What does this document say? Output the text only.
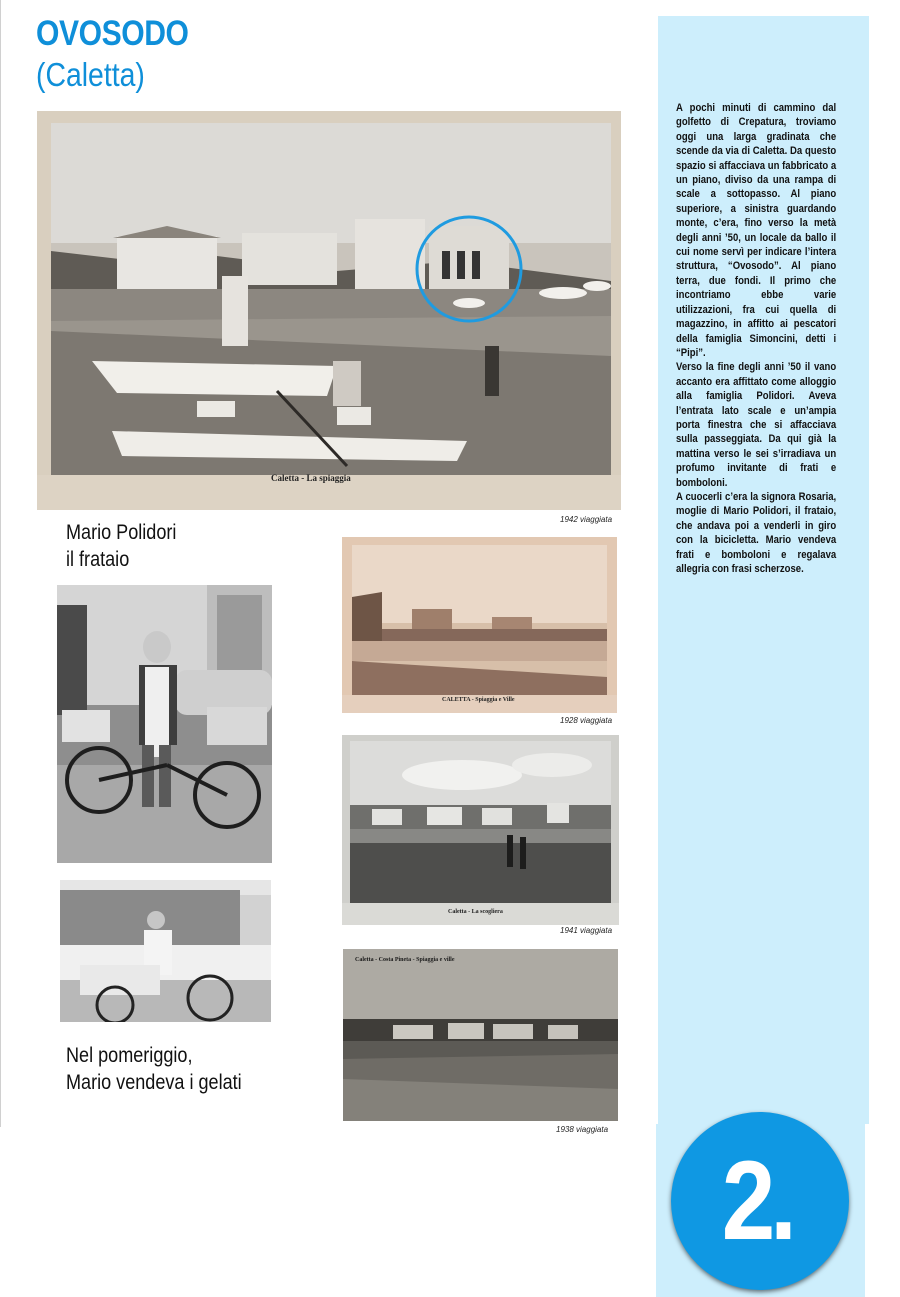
OVOSODO
(Caletta)

A pochi minuti di cammino dal golfetto di Crepatura, troviamo oggi una larga gradinata che scende da via di Caletta. Da questo spazio si affacciava un fabbricato a un piano, diviso da una rampa di scale a sottopasso. Al piano superiore, a sinistra guardando monte, c’era, fino verso la metà degli anni ’50, un locale da ballo il cui nome servì per indicare l’intera struttura, “Ovosodo”. Al piano terra, due fondi. Il primo che incontriamo ebbe varie utilizzazioni, fra cui quella di magazzino, in affitto ai pescatori della famiglia Simoncini, detti i “Pipi”.

Verso la fine degli anni ’50 il vano accanto era affittato come alloggio alla famiglia Polidori. Aveva l’entrata lato scale e un’ampia porta finestra che si affacciava sulla passeggiata. Da qui già la mattina verso le sei s’irradiava un profumo invitante di frati e bomboloni.

A cuocerli c’era la signora Rosaria, moglie di Mario Polidori, il frataio, che andava poi a venderli in giro con la bicicletta. Mario vendeva frati e bomboloni e regalava allegria con frasi scherzose.

Caletta - La spiaggia
1942 viaggiata
Mario Polidori
il frataio
Nel pomeriggio,
Mario vendeva i gelati
CALETTA - Spiaggia e Ville
1928 viaggiata
Caletta - La scogliera
1941 viaggiata
Caletta - Costa Pineta - Spiaggia e ville
1938 viaggiata
2.
